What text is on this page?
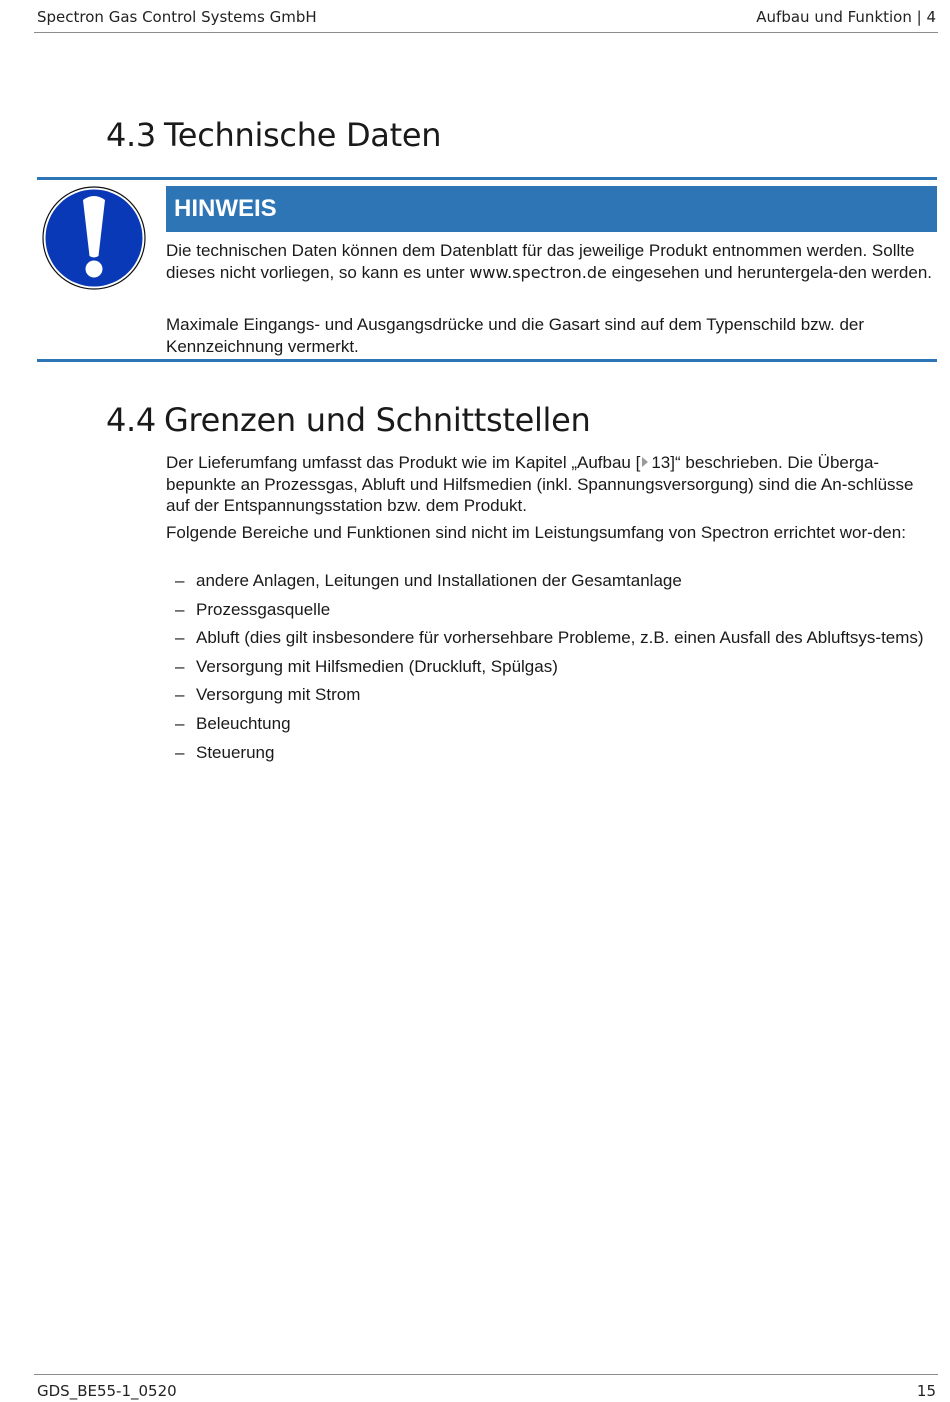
Spectron Gas Control Systems GmbH	Aufbau und Funktion | 4
4.3 Technische Daten
HINWEIS

Die technischen Daten können dem Datenblatt für das jeweilige Produkt entnommen werden. Sollte dieses nicht vorliegen, so kann es unter www.spectron.de eingesehen und heruntergela-den werden.

Maximale Eingangs- und Ausgangsdrücke und die Gasart sind auf dem Typenschild bzw. der Kennzeichnung vermerkt.

4.4 Grenzen und Schnittstellen

Der Lieferumfang umfasst das Produkt wie im Kapitel „Aufbau [ 13]“ beschrieben. Die Überga-bepunkte an Prozessgas, Abluft und Hilfsmedien (inkl. Spannungsversorgung) sind die An-schlüsse auf der Entspannungsstation bzw. dem Produkt.

Folgende Bereiche und Funktionen sind nicht im Leistungsumfang von Spectron errichtet wor-den:

– andere Anlagen, Leitungen und Installationen der Gesamtanlage
– Prozessgasquelle
– Abluft (dies gilt insbesondere für vorhersehbare Probleme, z.B. einen Ausfall des Abluftsys-tems)
– Versorgung mit Hilfsmedien (Druckluft, Spülgas)
– Versorgung mit Strom
– Beleuchtung
– Steuerung
GDS_BE55-1_0520	15
